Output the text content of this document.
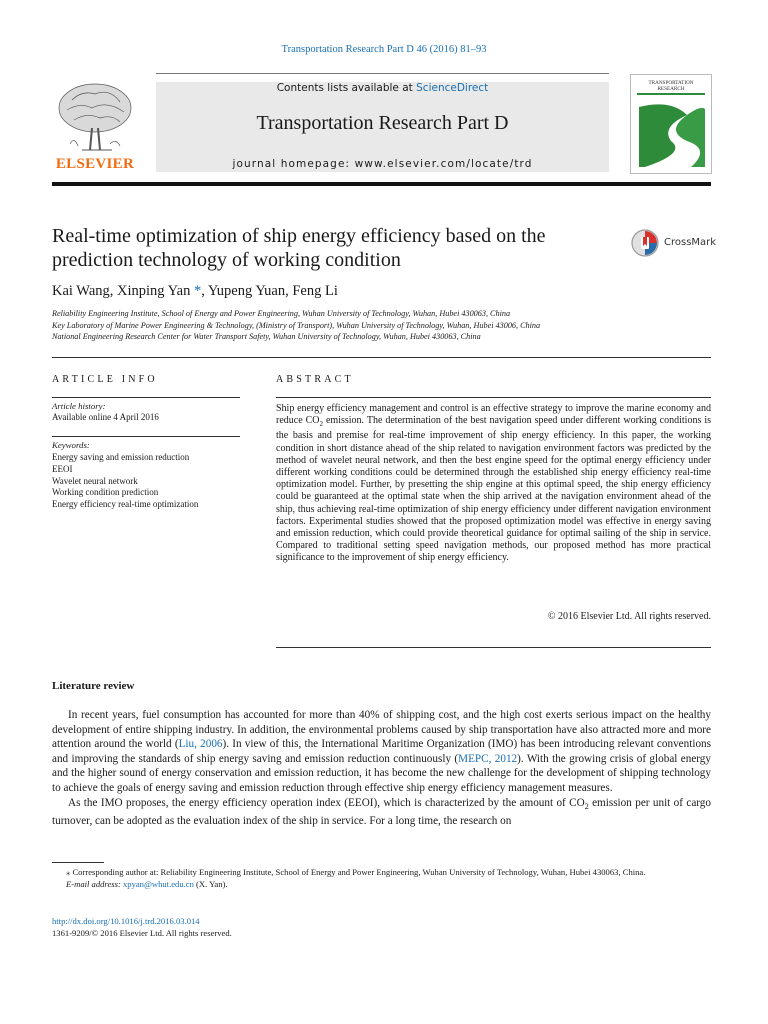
Transportation Research Part D 46 (2016) 81–93
ELSEVIER
Contents lists available at ScienceDirect
Transportation Research Part D
journal homepage: www.elsevier.com/locate/trd
TRANSPORTATION
RESEARCH
Real-time optimization of ship energy efficiency based on the prediction technology of working condition
CrossMark
Kai Wang, Xinping Yan *, Yupeng Yuan, Feng Li
Reliability Engineering Institute, School of Energy and Power Engineering, Wuhan University of Technology, Wuhan, Hubei 430063, China
Key Laboratory of Marine Power Engineering & Technology, (Ministry of Transport), Wuhan University of Technology, Wuhan, Hubei 43006, China
National Engineering Research Center for Water Transport Safety, Wuhan University of Technology, Wuhan, Hubei 430063, China
ARTICLE INFO	ABSTRACT
Article history:
Available online 4 April 2016
Keywords:
Energy saving and emission reduction
EEOI
Wavelet neural network
Working condition prediction
Energy efficiency real-time optimization
Ship energy efficiency management and control is an effective strategy to improve the marine economy and reduce $CO_2$ emission. The determination of the best navigation speed under different working conditions is the basis and premise for real-time improvement of ship energy efficiency. In this paper, the working condition in short distance ahead of the ship related to navigation environment factors was predicted by the method of wavelet neural network, and then the best engine speed for the optimal energy efficiency under different working conditions could be determined through the established ship energy efficiency real-time optimization model. Further, by presetting the ship engine at this optimal speed, the ship energy efficiency could be guaranteed at the optimal state when the ship arrived at the navigation environment ahead of the ship, thus achieving real-time optimization of ship energy efficiency under different navigation environment factors. Experimental studies showed that the proposed optimization model was effective in energy saving and emission reduction, which could provide theoretical guidance for optimal sailing of the ship in service. Compared to traditional setting speed navigation methods, our proposed method has more practical significance to the improvement of ship energy efficiency.
© 2016 Elsevier Ltd. All rights reserved.
Literature review

In recent years, fuel consumption has accounted for more than 40% of shipping cost, and the high cost exerts serious impact on the healthy development of entire shipping industry. In addition, the environmental problems caused by ship transportation have also attracted more and more attention around the world (Liu, 2006). In view of this, the International Maritime Organization (IMO) has been introducing relevant conventions and improving the standards of ship energy saving and emission reduction continuously (MEPC, 2012). With the growing crisis of global energy and the higher sound of energy conservation and emission reduction, it has become the new challenge for the development of shipping technology to achieve the goals of energy saving and emission reduction through effective ship energy efficiency management measures.

As the IMO proposes, the energy efficiency operation index (EEOI), which is characterized by the amount of $CO_2$ emission per unit of cargo turnover, can be adopted as the evaluation index of the ship in service. For a long time, the research on

⁎ Corresponding author at: Reliability Engineering Institute, School of Energy and Power Engineering, Wuhan University of Technology, Wuhan, Hubei 430063, China.
E-mail address: xpyan@whut.edu.cn (X. Yan).
http://dx.doi.org/10.1016/j.trd.2016.03.014
1361-9209/© 2016 Elsevier Ltd. All rights reserved.
